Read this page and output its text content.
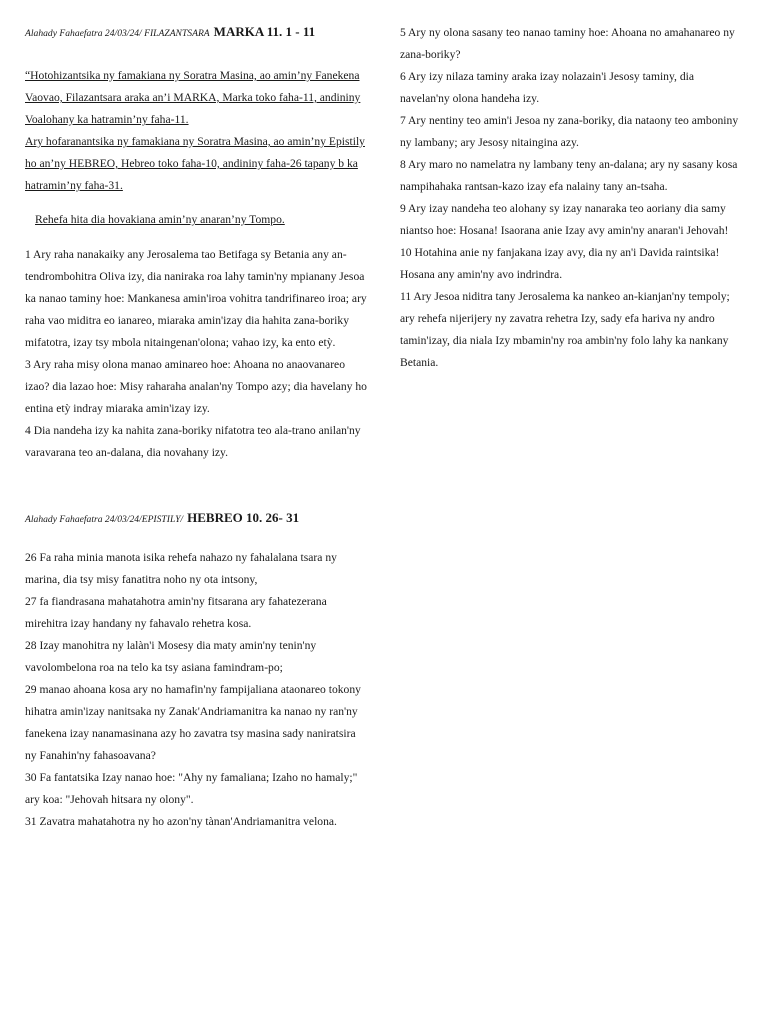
Alahady Fahaefatra 24/03/24/ FILAZANTSARA MARKA 11. 1 - 11

“Hotohizantsika ny famakiana ny Soratra Masina, ao amin’ny Fanekena Vaovao, Filazantsara araka an’i MARKA, Marka toko faha-11, andininy Voalohany ka hatramin’ny faha-11.
Ary hofaranantsika ny famakiana ny Soratra Masina, ao amin’ny Epistily ho an’ny HEBREO, Hebreo toko faha-10, andininy faha-26 tapany b ka hatramin’ny faha-31.

Rehefa hita dia hovakiana amin’ny anaran’ny Tompo.

1 Ary raha nanakaiky any Jerosalema tao Betifaga sy Betania any an-tendrombohitra Oliva izy, dia naniraka roa lahy tamin'ny mpianany Jesoa ka nanao taminy hoe: Mankanesa amin'iroa vohitra tandrifinareo iroa; ary raha vao miditra eo ianareo, miaraka amin'izay dia hahita zana-boriky mifatotra, izay tsy mbola nitaingenan'olona; vahao izy, ka ento etỳ.

3 Ary raha misy olona manao aminareo hoe: Ahoana no anaovanareo izao? dia lazao hoe: Misy raharaha analan'ny Tompo azy; dia havelany ho entina etỳ indray miaraka amin'izay izy.

4 Dia nandeha izy ka nahita zana-boriky nifatotra teo ala-trano anilan'ny varavarana teo an-dalana, dia novahany izy.

Alahady Fahaefatra 24/03/24/EPISTILY/ HEBREO 10. 26- 31

26 Fa raha minia manota isika rehefa nahazo ny fahalalana tsara ny marina, dia tsy misy fanatitra noho ny ota intsony,

27 fa fiandrasana mahatahotra amin'ny fitsarana ary fahatezerana mirehitra izay handany ny fahavalo rehetra kosa.

28 Izay manohitra ny lalàn'i Mosesy dia maty amin'ny tenin'ny vavolombelona roa na telo ka tsy asiana famindram-po;

29 manao ahoana kosa ary no hamafin'ny fampijaliana ataonareo tokony hihatra amin'izay nanitsaka ny Zanak'Andriamanitra ka nanao ny ran'ny fanekena izay nanamasinana azy ho zavatra tsy masina sady naniratsira ny Fanahin'ny fahasoavana?

30 Fa fantatsika Izay nanao hoe: "Ahy ny famaliana; Izaho no hamaly;" ary koa: "Jehovah hitsara ny olony".

31 Zavatra mahatahotra ny ho azon'ny tànan'Andriamanitra velona.

5 Ary ny olona sasany teo nanao taminy hoe: Ahoana no amahanareo ny zana-boriky?

6 Ary izy nilaza taminy araka izay nolazain'i Jesosy taminy, dia navelan'ny olona handeha izy.

7 Ary nentiny teo amin'i Jesoa ny zana-boriky, dia nataony teo amboniny ny lambany; ary Jesosy nitaingina azy.

8 Ary maro no namelatra ny lambany teny an-dalana; ary ny sasany kosa nampihahaka rantsan-kazo izay efa nalainy tany an-tsaha.

9 Ary izay nandeha teo alohany sy izay nanaraka teo aoriany dia samy niantso hoe: Hosana! Isaorana anie Izay avy amin'ny anaran'i Jehovah!

10 Hotahina anie ny fanjakana izay avy, dia ny an'i Davida raintsika! Hosana any amin'ny avo indrindra.

11 Ary Jesoa niditra tany Jerosalema ka nankeo an-kianjan'ny tempoly; ary rehefa nijerijery ny zavatra rehetra Izy, sady efa hariva ny andro tamin'izay, dia niala Izy mbamin'ny roa ambin'ny folo lahy ka nankany Betania.
